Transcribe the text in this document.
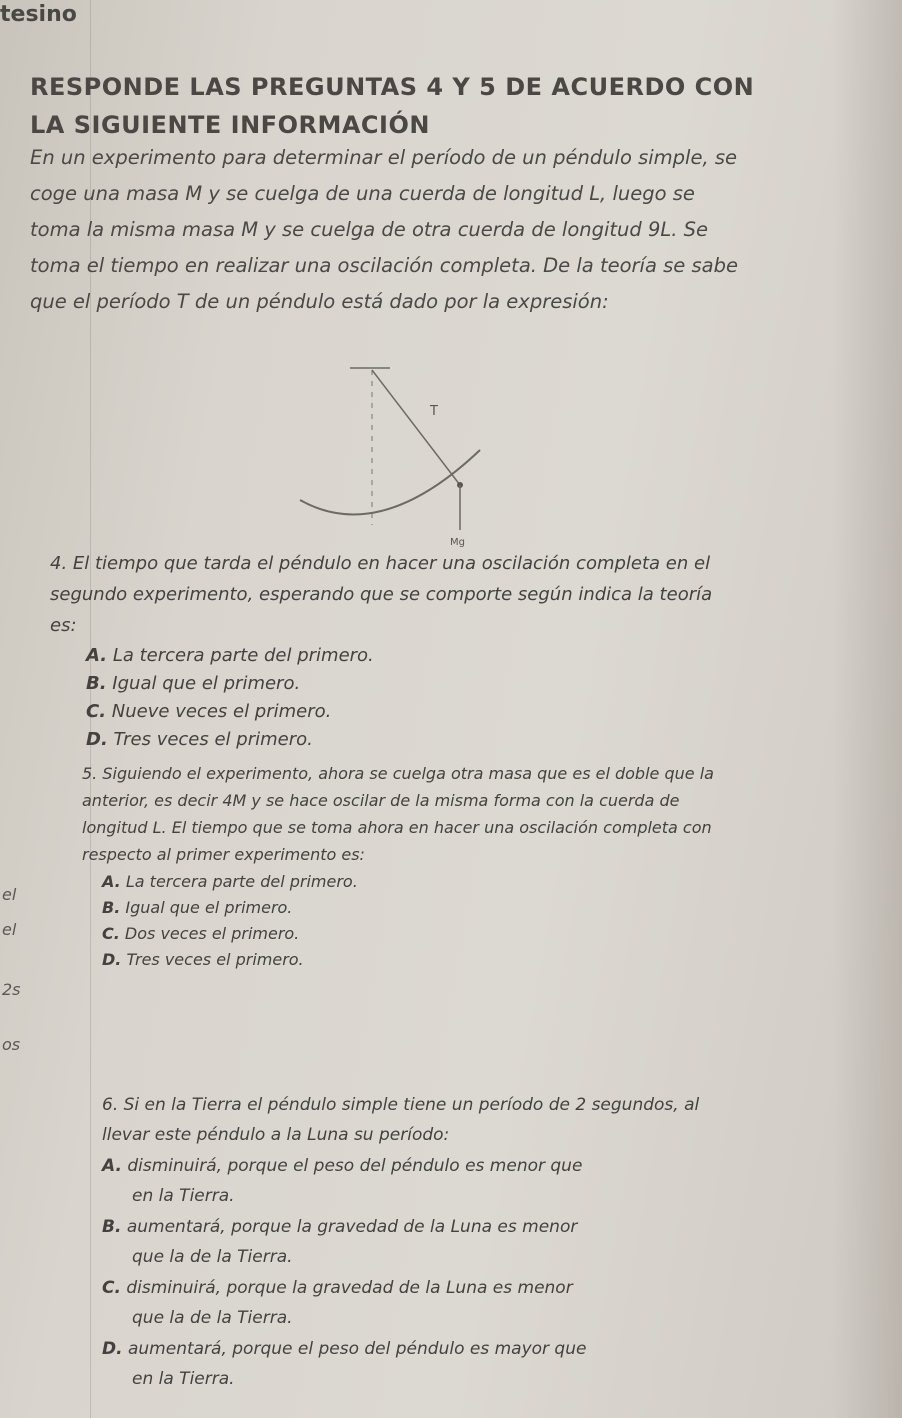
tesino
RESPONDE LAS PREGUNTAS 4 Y 5 DE ACUERDO CON LA SIGUIENTE INFORMACIÓN
En un experimento para determinar el período de un péndulo simple, se coge una masa M y se cuelga de una cuerda de longitud L, luego se toma la misma masa M y se cuelga de otra cuerda de longitud 9L. Se toma el tiempo en realizar una oscilación completa. De la teoría se sabe que el período T de un péndulo está dado por la expresión:
T
Mg
4. El tiempo que tarda el péndulo en hacer una oscilación completa en el segundo experimento, esperando que se comporte según indica la teoría es:
A. La tercera parte del primero.
B. Igual que el primero.
C. Nueve veces el primero.
D. Tres veces el primero.
5. Siguiendo el experimento, ahora se cuelga otra masa que es el doble que la anterior, es decir 4M y se hace oscilar de la misma forma con la cuerda de longitud L. El tiempo que se toma ahora en hacer una oscilación completa con respecto al primer experimento es:
A. La tercera parte del primero.
B. Igual que el primero.
C. Dos veces el primero.
D. Tres veces el primero.
6. Si en la Tierra el péndulo simple tiene un período de 2 segundos, al llevar este péndulo a la Luna su período:
A. disminuirá, porque el peso del péndulo es menor que
en la Tierra.
B. aumentará, porque la gravedad de la Luna es menor
que la de la Tierra.
C. disminuirá, porque la gravedad de la Luna es menor
que la de la Tierra.
D. aumentará, porque el peso del péndulo es mayor que
en la Tierra.
el
el
2s
os
